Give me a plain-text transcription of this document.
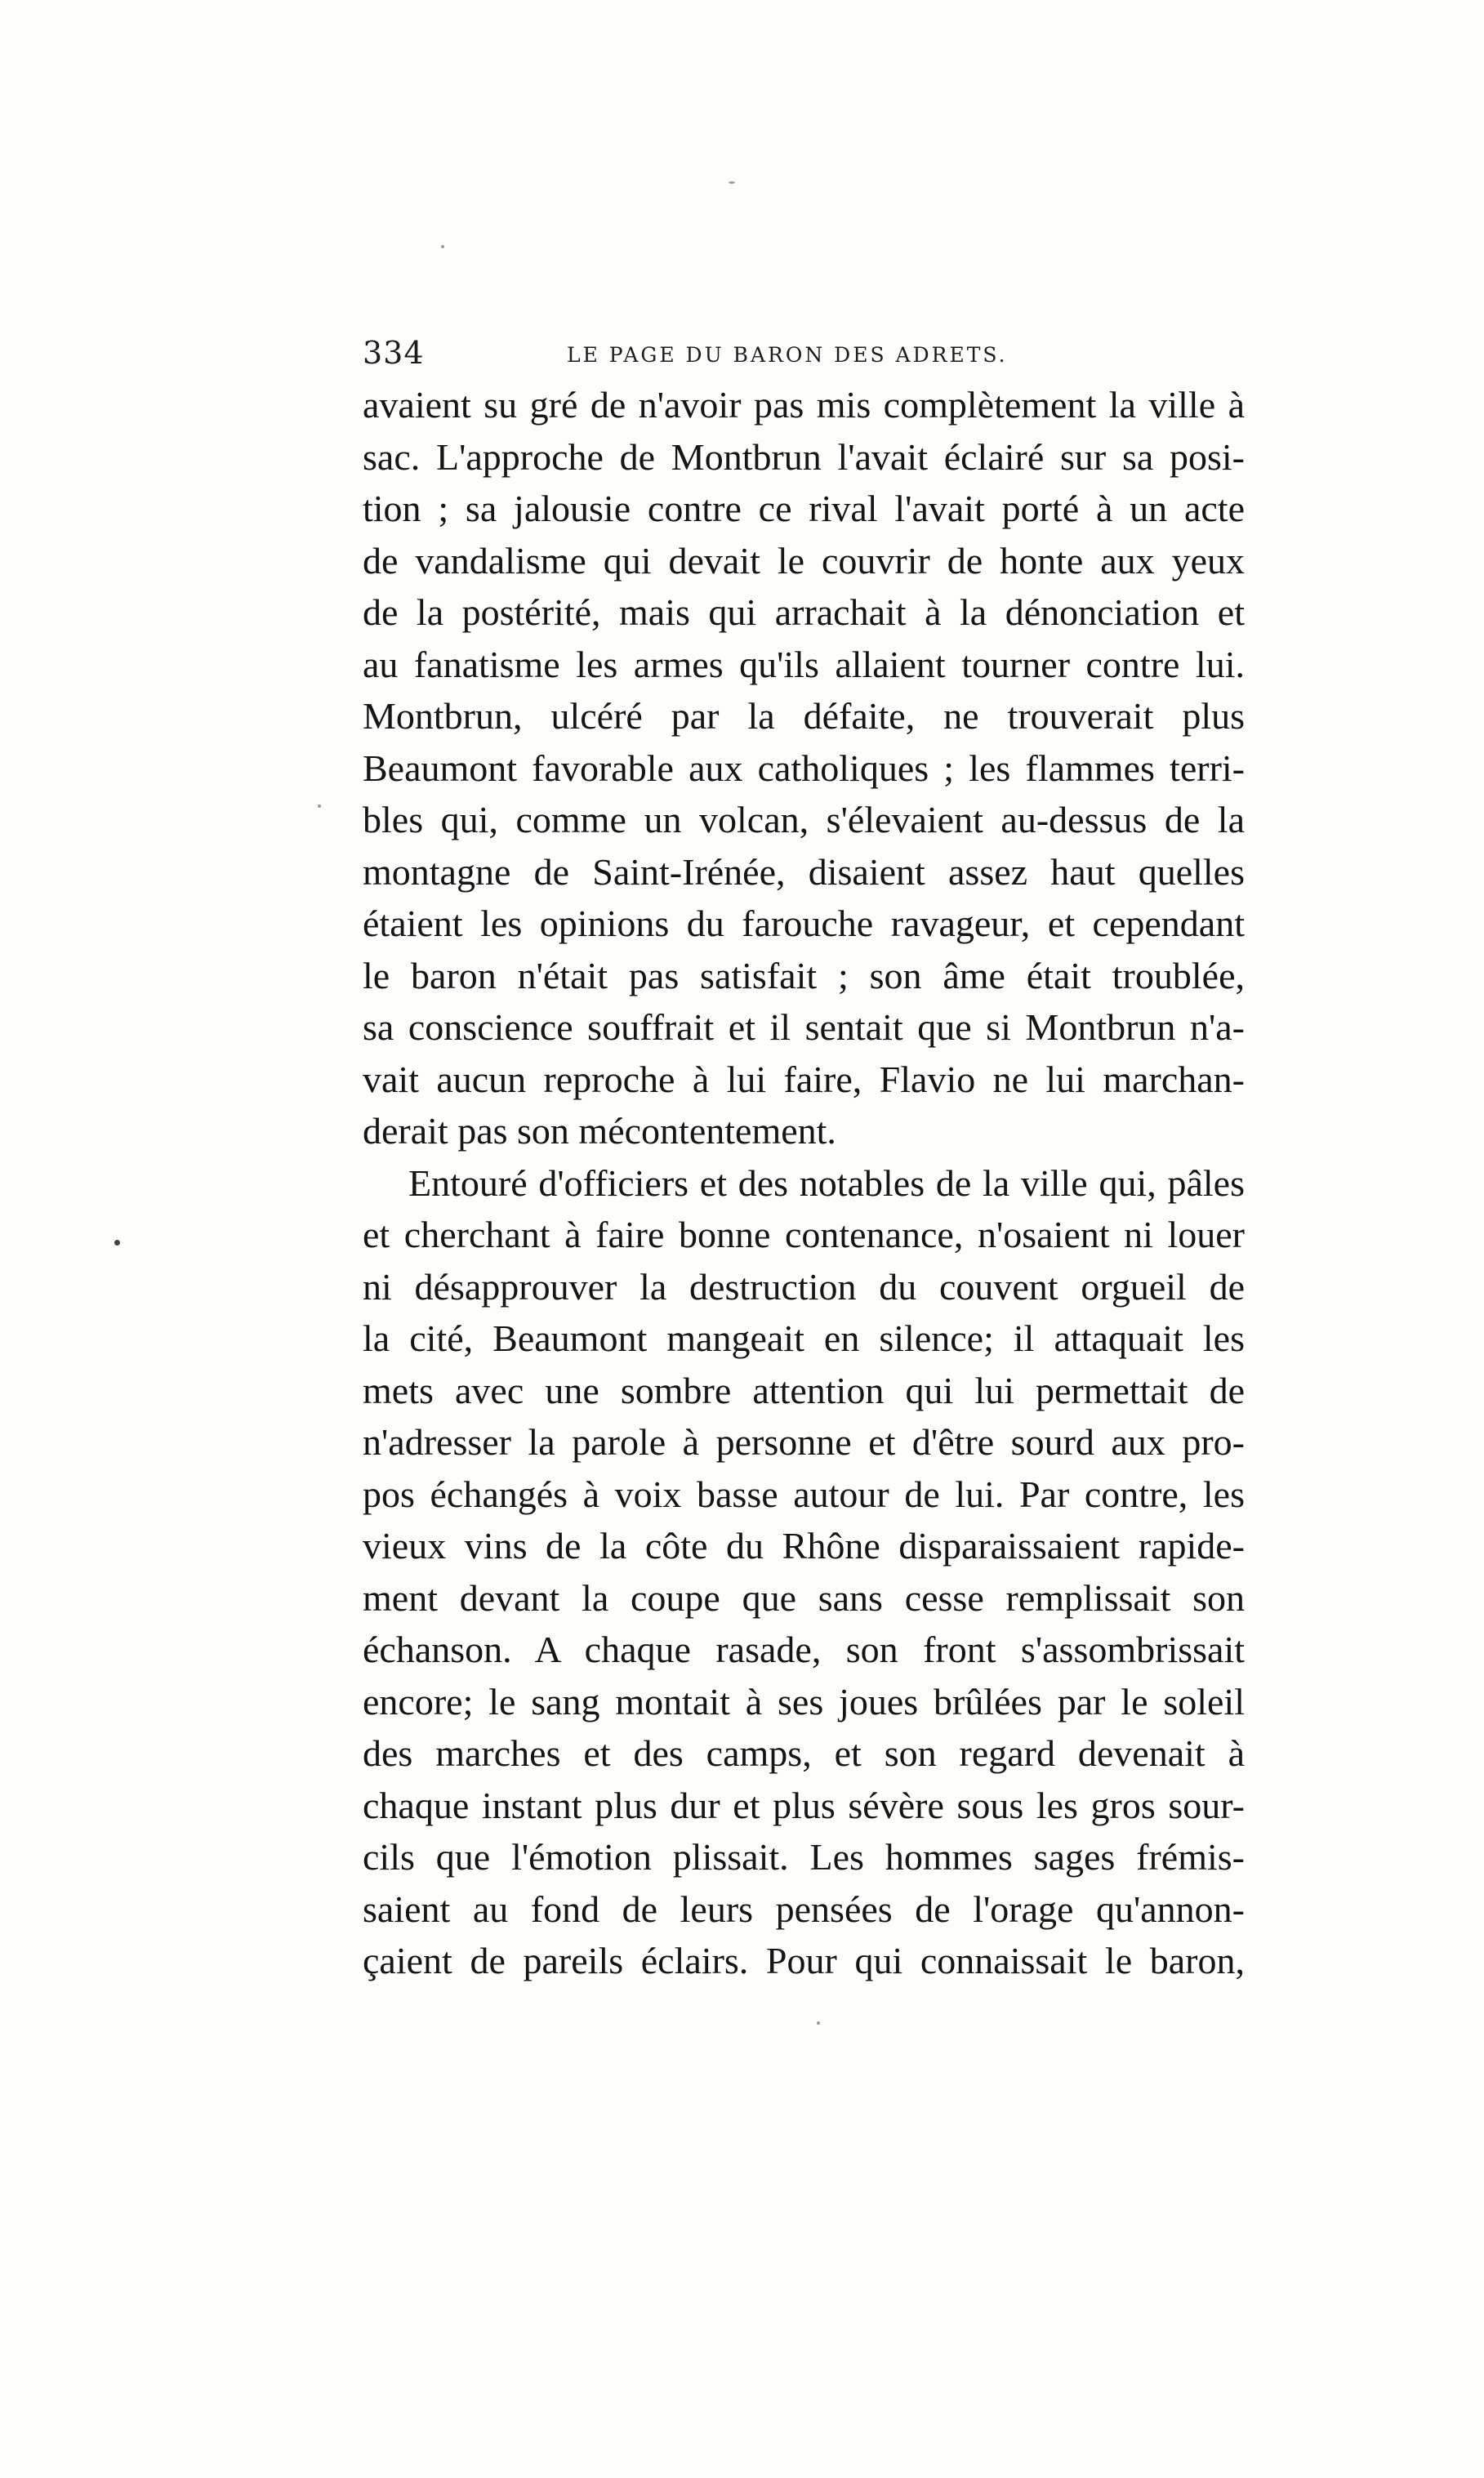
334	LE PAGE DU BARON DES ADRETS.
avaient su gré de n'avoir pas mis complètement la ville à
sac. L'approche de Montbrun l'avait éclairé sur sa posi-
tion ; sa jalousie contre ce rival l'avait porté à un acte
de vandalisme qui devait le couvrir de honte aux yeux
de la postérité, mais qui arrachait à la dénonciation et
au fanatisme les armes qu'ils allaient tourner contre lui.
Montbrun, ulcéré par la défaite, ne trouverait plus
Beaumont favorable aux catholiques ; les flammes terri-
bles qui, comme un volcan, s'élevaient au-dessus de la
montagne de Saint-Irénée, disaient assez haut quelles
étaient les opinions du farouche ravageur, et cependant
le baron n'était pas satisfait ; son âme était troublée,
sa conscience souffrait et il sentait que si Montbrun n'a-
vait aucun reproche à lui faire, Flavio ne lui marchan-
derait pas son mécontentement.
Entouré d'officiers et des notables de la ville qui, pâles
et cherchant à faire bonne contenance, n'osaient ni louer
ni désapprouver la destruction du couvent orgueil de
la cité, Beaumont mangeait en silence; il attaquait les
mets avec une sombre attention qui lui permettait de
n'adresser la parole à personne et d'être sourd aux pro-
pos échangés à voix basse autour de lui. Par contre, les
vieux vins de la côte du Rhône disparaissaient rapide-
ment devant la coupe que sans cesse remplissait son
échanson. A chaque rasade, son front s'assombrissait
encore; le sang montait à ses joues brûlées par le soleil
des marches et des camps, et son regard devenait à
chaque instant plus dur et plus sévère sous les gros sour-
cils que l'émotion plissait. Les hommes sages frémis-
saient au fond de leurs pensées de l'orage qu'annon-
çaient de pareils éclairs. Pour qui connaissait le baron,
